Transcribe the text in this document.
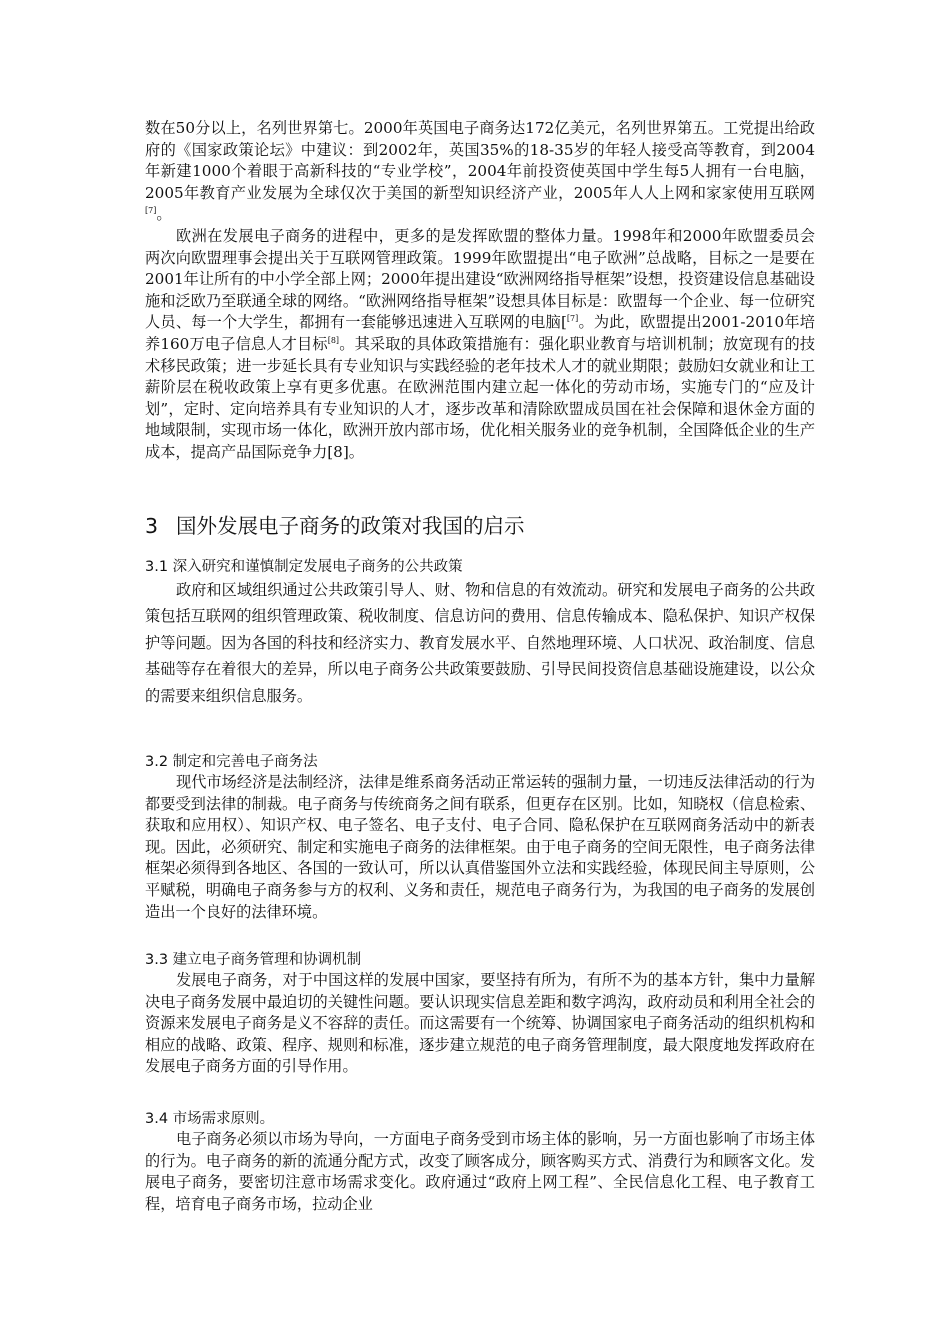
数在50分以上，名列世界第七。2000年英国电子商务达172亿美元，名列世界第五。工党提出给政府的《国家政策论坛》中建议：到2002年，英国35%的18-35岁的年轻人接受高等教育，到2004年新建1000个着眼于高新科技的“专业学校”，2004年前投资使英国中学生每5人拥有一台电脑，2005年教育产业发展为全球仅次于美国的新型知识经济产业，2005年人人上网和家家使用互联网[7]。

欧洲在发展电子商务的进程中，更多的是发挥欧盟的整体力量。1998年和2000年欧盟委员会两次向欧盟理事会提出关于互联网管理政策。1999年欧盟提出“电子欧洲”总战略，目标之一是要在2001年让所有的中小学全部上网；2000年提出建设“欧洲网络指导框架”设想，投资建设信息基础设施和泛欧乃至联通全球的网络。“欧洲网络指导框架”设想具体目标是：欧盟每一个企业、每一位研究人员、每一个大学生，都拥有一套能够迅速进入互联网的电脑[[7]。为此，欧盟提出2001-2010年培养160万电子信息人才目标[8]。其采取的具体政策措施有：强化职业教育与培训机制；放宽现有的技术移民政策；进一步延长具有专业知识与实践经验的老年技术人才的就业期限；鼓励妇女就业和让工薪阶层在税收政策上享有更多优惠。在欧洲范围内建立起一体化的劳动市场，实施专门的“应及计划”，定时、定向培养具有专业知识的人才，逐步改革和清除欧盟成员国在社会保障和退休金方面的地域限制，实现市场一体化，欧洲开放内部市场，优化相关服务业的竞争机制，全国降低企业的生产成本，提高产品国际竞争力[8]。

3 国外发展电子商务的政策对我国的启示
3.1 深入研究和谨慎制定发展电子商务的公共政策

政府和区域组织通过公共政策引导人、财、物和信息的有效流动。研究和发展电子商务的公共政策包括互联网的组织管理政策、税收制度、信息访问的费用、信息传输成本、隐私保护、知识产权保护等问题。因为各国的科技和经济实力、教育发展水平、自然地理环境、人口状况、政治制度、信息基础等存在着很大的差异，所以电子商务公共政策要鼓励、引导民间投资信息基础设施建设，以公众的需要来组织信息服务。

3.2 制定和完善电子商务法

现代市场经济是法制经济，法律是维系商务活动正常运转的强制力量，一切违反法律活动的行为都要受到法律的制裁。电子商务与传统商务之间有联系，但更存在区别。比如，知晓权（信息检索、获取和应用权）、知识产权、电子签名、电子支付、电子合同、隐私保护在互联网商务活动中的新表现。因此，必须研究、制定和实施电子商务的法律框架。由于电子商务的空间无限性，电子商务法律框架必须得到各地区、各国的一致认可，所以认真借鉴国外立法和实践经验，体现民间主导原则，公平赋税，明确电子商务参与方的权利、义务和责任，规范电子商务行为，为我国的电子商务的发展创造出一个良好的法律环境。

3.3 建立电子商务管理和协调机制

发展电子商务，对于中国这样的发展中国家，要坚持有所为，有所不为的基本方针，集中力量解决电子商务发展中最迫切的关键性问题。要认识现实信息差距和数字鸿沟，政府动员和利用全社会的资源来发展电子商务是义不容辞的责任。而这需要有一个统筹、协调国家电子商务活动的组织机构和相应的战略、政策、程序、规则和标准，逐步建立规范的电子商务管理制度，最大限度地发挥政府在发展电子商务方面的引导作用。

3.4 市场需求原则。

电子商务必须以市场为导向，一方面电子商务受到市场主体的影响，另一方面也影响了市场主体的行为。电子商务的新的流通分配方式，改变了顾客成分，顾客购买方式、消费行为和顾客文化。发展电子商务，要密切注意市场需求变化。政府通过“政府上网工程”、全民信息化工程、电子教育工程，培育电子商务市场，拉动企业
